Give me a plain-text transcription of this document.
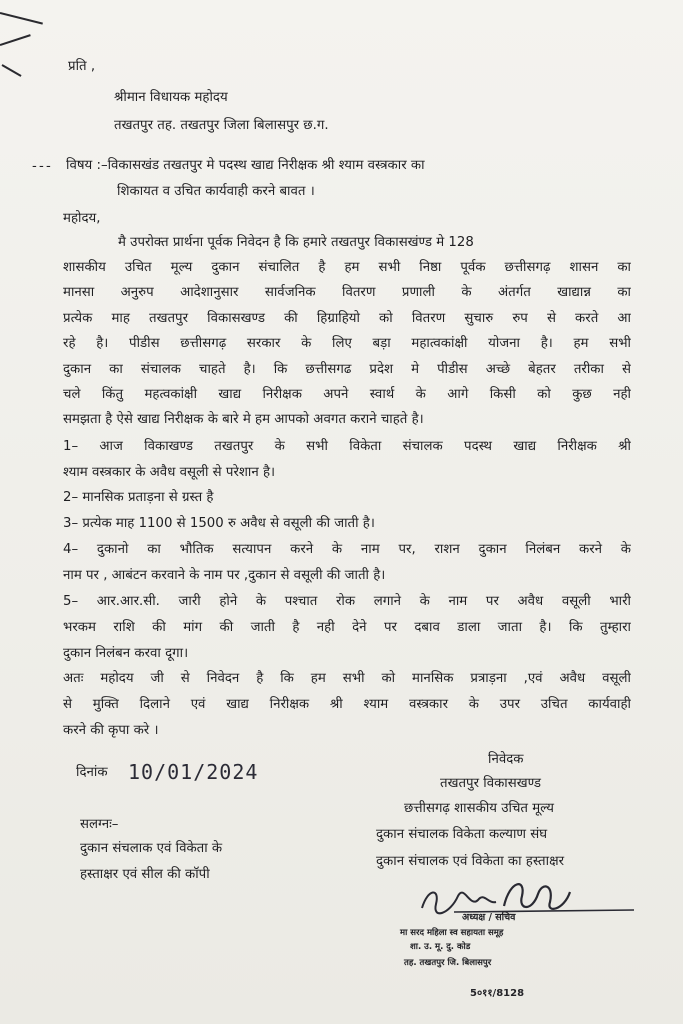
प्रति ,
श्रीमान विधायक महोदय
तखतपुर तह. तखतपुर जिला बिलासपुर छ.ग.
- - - विषय :–विकासखंड तखतपुर मे पदस्थ खाद्य निरीक्षक श्री श्याम वस्त्रकार का
शिकायत व उचित कार्यवाही करने बावत ।
महोदय,
मै उपरोक्त प्रार्थना पूर्वक निवेदन है कि हमारे तखतपुर विकासखंण्ड मे 128
शासकीय उचित मूल्य दुकान संचालित है हम सभी निष्ठा पूर्वक छत्तीसगढ़ शासन का
मानसा अनुरुप आदेशानुसार सार्वजनिक वितरण प्रणाली के अंतर्गत खाद्यान्न का
प्रत्येक माह तखतपुर विकासखण्ड की हिग्राहियो को वितरण सुचारु रुप से करते आ
रहे है। पीडीस छत्तीसगढ़ सरकार के लिए बड़ा महात्वकांक्षी योजना है। हम सभी
दुकान का संचालक चाहते है। कि छत्तीसगढ प्रदेश मे पीडीस अच्छे बेहतर तरीका से
चले किंतु महत्वकांक्षी खाद्य निरीक्षक अपने स्वार्थ के आगे किसी को कुछ नही
समझता है ऐसे खाद्य निरीक्षक के बारे मे हम आपको अवगत कराने चाहते है।
1– आज विकाखण्ड तखतपुर के सभी विकेता संचालक पदस्थ खाद्य निरीक्षक श्री
श्याम वस्त्रकार के अवैध वसूली से परेशान है।
2– मानसिक प्रताड़ना से ग्रस्त है
3– प्रत्येक माह 1100 से 1500 रु अवैध से वसूली की जाती है।
4– दुकानो का भौतिक सत्यापन करने के नाम पर, राशन दुकान निलंबन करने के
नाम पर , आबंटन करवाने के नाम पर ,दुकान से वसूली की जाती है।
5– आर.आर.सी. जारी होने के पश्चात रोक लगाने के नाम पर अवैध वसूली भारी
भरकम राशि की मांग की जाती है नही देने पर दबाव डाला जाता है। कि तुम्हारा
दुकान निलंबन करवा दूगा।
अतः महोदय जी से निवेदन है कि हम सभी को मानसिक प्रत्राड़ना ,एवं अवैध वसूली
से मुक्ति दिलाने एवं खाद्य निरीक्षक श्री श्याम वस्त्रकार के उपर उचित कार्यवाही
करने की कृपा करे ।
दिनांक 10/01/2024
निवेदक
तखतपुर विकासखण्ड
छत्तीसगढ़ शासकीय उचित मूल्य
दुकान संचालक विकेता कल्याण संघ
दुकान संचालक एवं विकेता का हस्ताक्षर
सलग्नः–
दुकान संचलाक एवं विकेता के
हस्ताक्षर एवं सील की कॉपी
अध्यक्ष / सचिव
मा सरद महिला स्व सहायता समूह
शा. उ. मू. दु. कोड
तह. तखतपुर जि. बिलासपुर
5०११/8128
